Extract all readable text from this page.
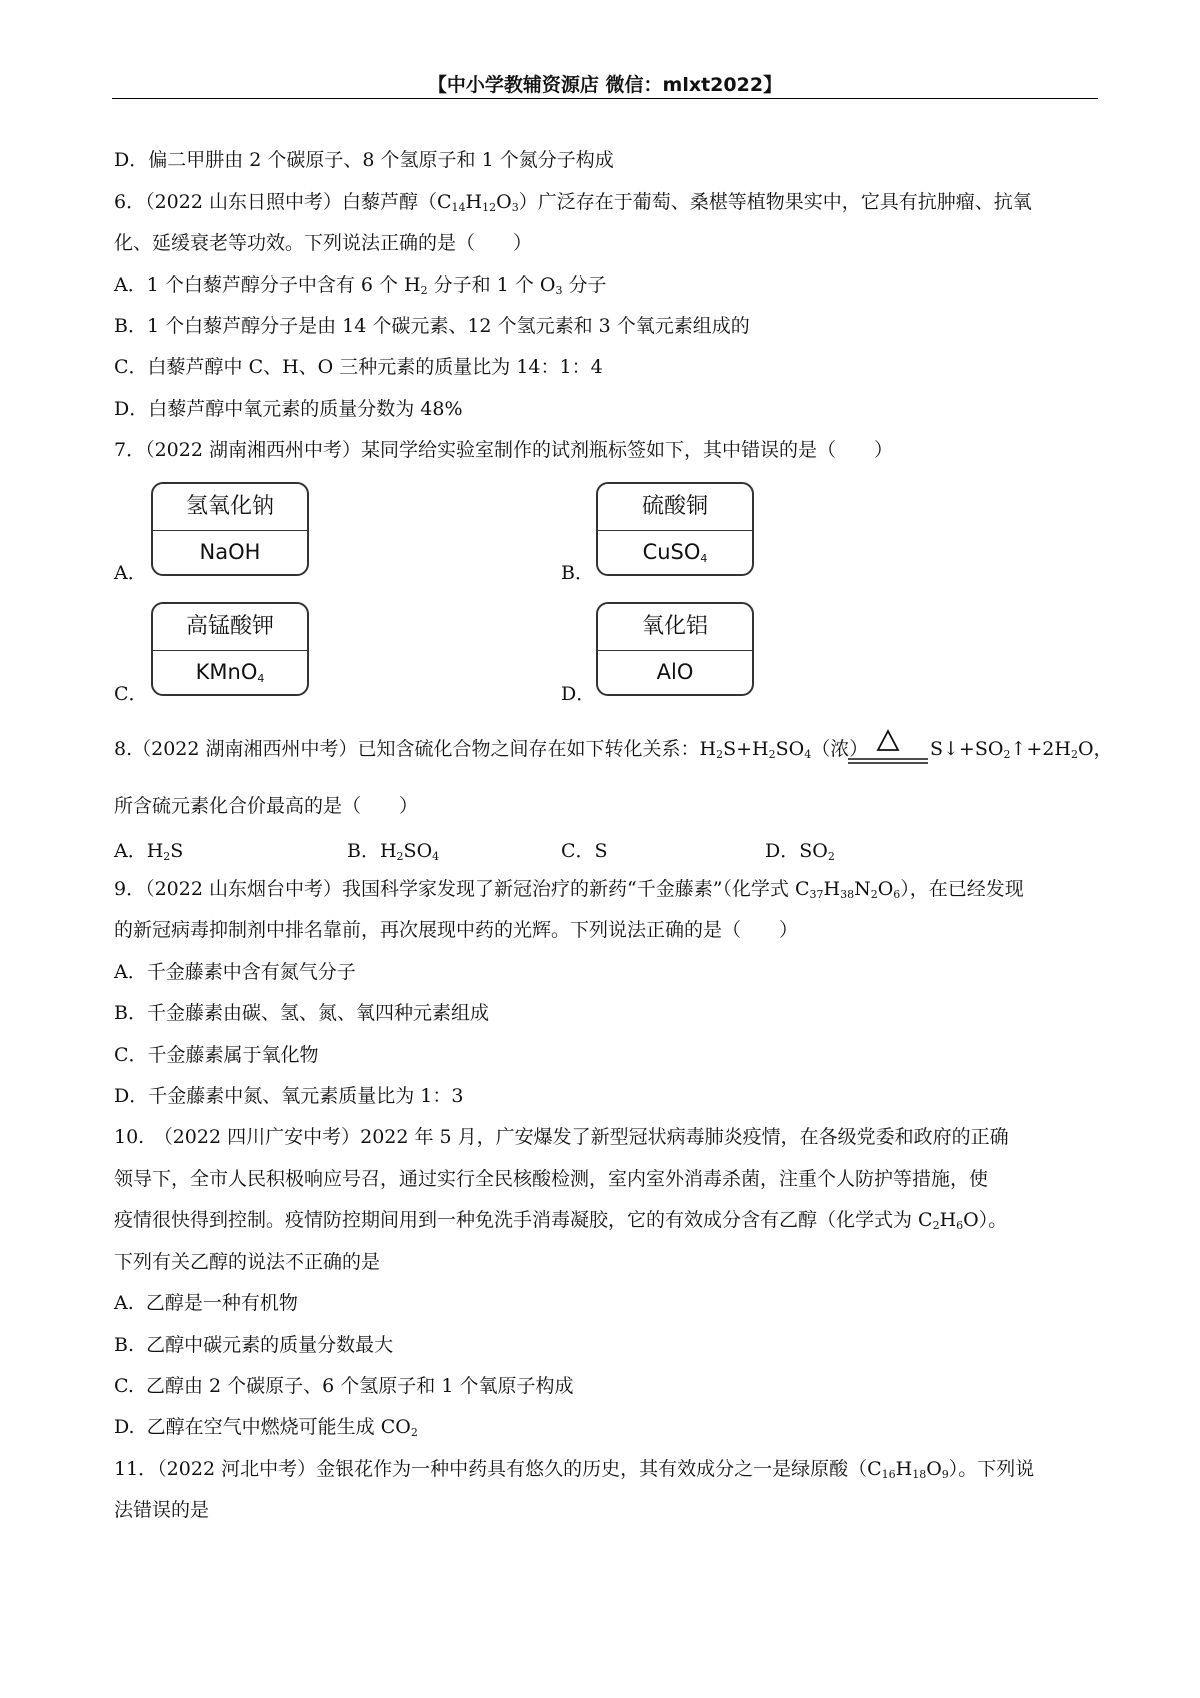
【中小学教辅资源店 微信：mlxt2022】
D．偏二甲肼由 2 个碳原子、8 个氢原子和 1 个氮分子构成
6．（2022 山东日照中考）白藜芦醇$(C_{14}H_{12}O_3)$广泛存在于葡萄、桑椹等植物果实中，它具有抗肿瘤、抗氧
化、延缓衰老等功效。下列说法正确的是（　　）
A．1 个白藜芦醇分子中含有 6 个 $H_2$ 分子和 1 个 $O_3$ 分子
B．1 个白藜芦醇分子是由 14 个碳元素、12 个氢元素和 3 个氧元素组成的
C．白藜芦醇中 C、H、O 三种元素的质量比为 14：1：4
D．白藜芦醇中氧元素的质量分数为 48%
7．（2022 湖南湘西州中考）某同学给实验室制作的试剂瓶标签如下，其中错误的是（　　）
氢氧化钠
NaOH
A．
硫酸铜
CuSO$_4$
B．
高锰酸钾
KMnO$_4$
C．
氧化铝
AlO
D．
8.（2022 湖南湘西州中考）已知含硫化合物之间存在如下转化关系：$H_2S+H_2SO_4$（浓）	$S↓+SO_2↑+2H_2O$，
所含硫元素化合价最高的是（　　）
A．$H_2S$	B．$H_2SO_4$	C．S	D．$SO_2$
9．（2022 山东烟台中考）我国科学家发现了新冠治疗的新药“千金藤素”（化学式 $C_{37}H_{38}N_2O_6$），在已经发现
的新冠病毒抑制剂中排名靠前，再次展现中药的光辉。下列说法正确的是（　　）
A．千金藤素中含有氮气分子
B．千金藤素由碳、氢、氮、氧四种元素组成
C．千金藤素属于氧化物
D．千金藤素中氮、氧元素质量比为 1：3
10.　（2022 四川广安中考）2022 年 5 月，广安爆发了新型冠状病毒肺炎疫情，在各级党委和政府的正确
领导下，全市人民积极响应号召，通过实行全民核酸检测，室内室外消毒杀菌，注重个人防护等措施，使
疫情很快得到控制。疫情防控期间用到一种免洗手消毒凝胶，它的有效成分含有乙醇（化学式为 $C_2H_6O$）。
下列有关乙醇的说法不正确的是
A.  乙醇是一种有机物
B.  乙醇中碳元素的质量分数最大
C.  乙醇由 2 个碳原子、6 个氢原子和 1 个氧原子构成
D.  乙醇在空气中燃烧可能生成 $CO_2$
11．（2022 河北中考）金银花作为一种中药具有悠久的历史，其有效成分之一是绿原酸$(C_{16}H_{18}O_9)$。下列说
法错误的是
